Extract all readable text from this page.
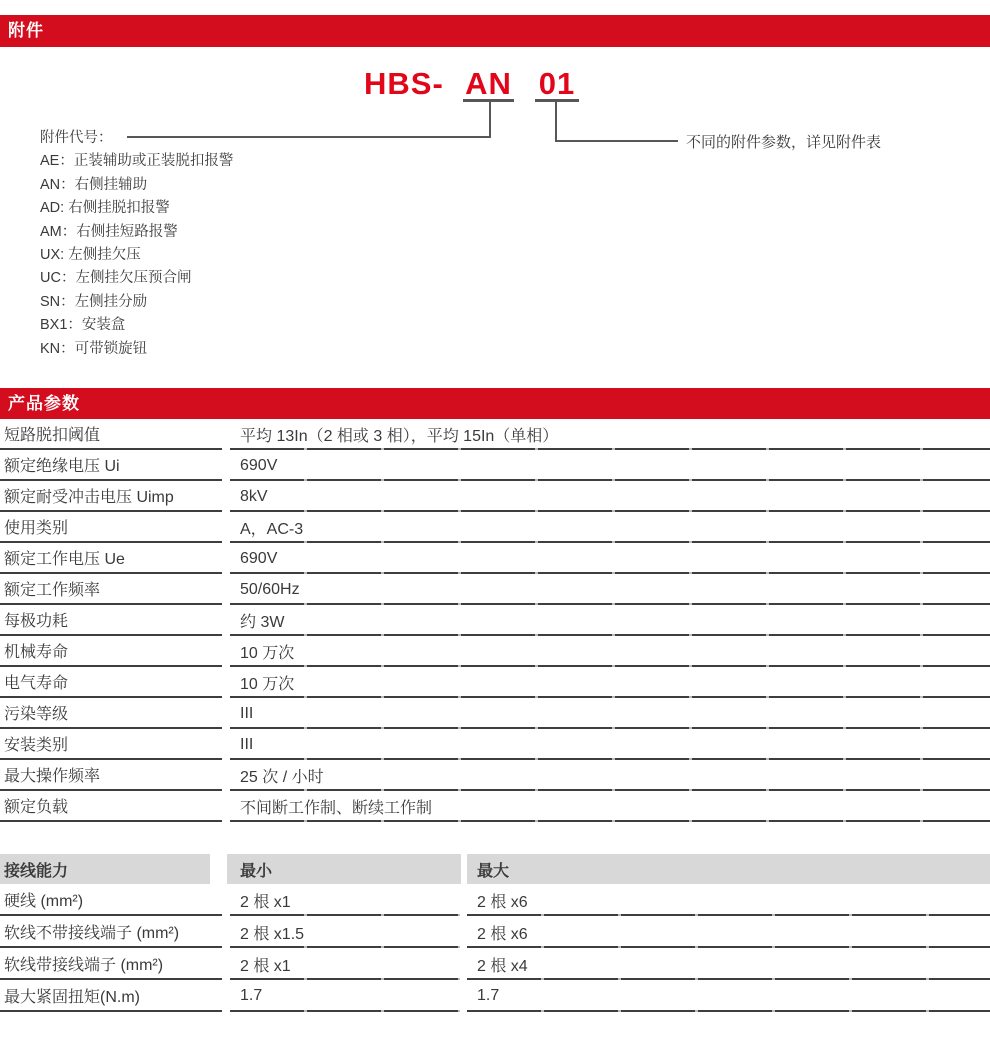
附件
HBS- AN 01
不同的附件参数，详见附件表
附件代号：
AE：正装辅助或正装脱扣报警
AN：右侧挂辅助
AD: 右侧挂脱扣报警
AM：右侧挂短路报警
UX: 左侧挂欠压
UC：左侧挂欠压预合闸
SN：左侧挂分励
BX1：安装盒
KN：可带锁旋钮
产品参数
短路脱扣阈值	平均 13In（2 相或 3 相），平均 15In（单相）
额定绝缘电压 Ui	690V
额定耐受冲击电压 Uimp	8kV
使用类别	A，AC-3
额定工作电压 Ue	690V
额定工作频率	50/60Hz
每极功耗	约 3W
机械寿命	10 万次
电气寿命	10 万次
污染等级	III
安装类别	III
最大操作频率	25 次 / 小时
额定负载	不间断工作制、断续工作制
接线能力	最小	最大
硬线 (mm²)	2 根 x1	2 根 x6
软线不带接线端子 (mm²)	2 根 x1.5	2 根 x6
软线带接线端子 (mm²)	2 根 x1	2 根 x4
最大紧固扭矩(N.m)	1.7	1.7
